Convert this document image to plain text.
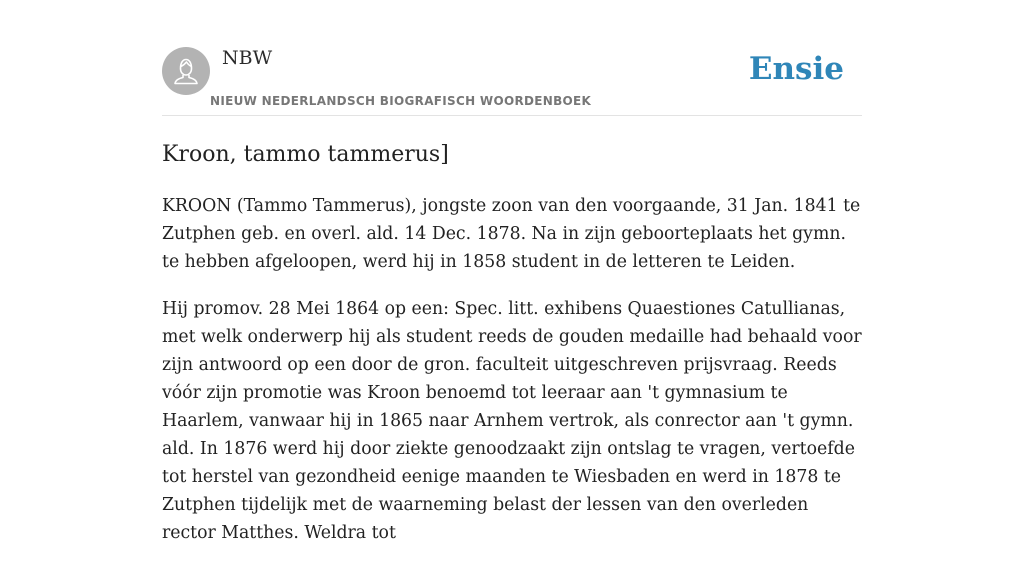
NBW
NIEUW NEDERLANDSCH BIOGRAFISCH WOORDENBOEK
Ensie
Kroon, tammo tammerus]

KROON (Tammo Tammerus), jongste zoon van den voorgaande, 31 Jan. 1841 te Zutphen geb. en overl. ald. 14 Dec. 1878. Na in zijn geboorteplaats het gymn. te hebben afgeloopen, werd hij in 1858 student in de letteren te Leiden.

Hij promov. 28 Mei 1864 op een: Spec. litt. exhibens Quaestiones Catullianas, met welk onderwerp hij als student reeds de gouden medaille had behaald voor zijn antwoord op een door de gron. faculteit uitgeschreven prijsvraag. Reeds vóór zijn promotie was Kroon benoemd tot leeraar aan 't gymnasium te Haarlem, vanwaar hij in 1865 naar Arnhem vertrok, als conrector aan 't gymn. ald. In 1876 werd hij door ziekte genoodzaakt zijn ontslag te vragen, vertoefde tot herstel van gezondheid eenige maanden te Wiesbaden en werd in 1878 te Zutphen tijdelijk met de waarneming belast der lessen van den overleden rector Matthes. Weldra tot
